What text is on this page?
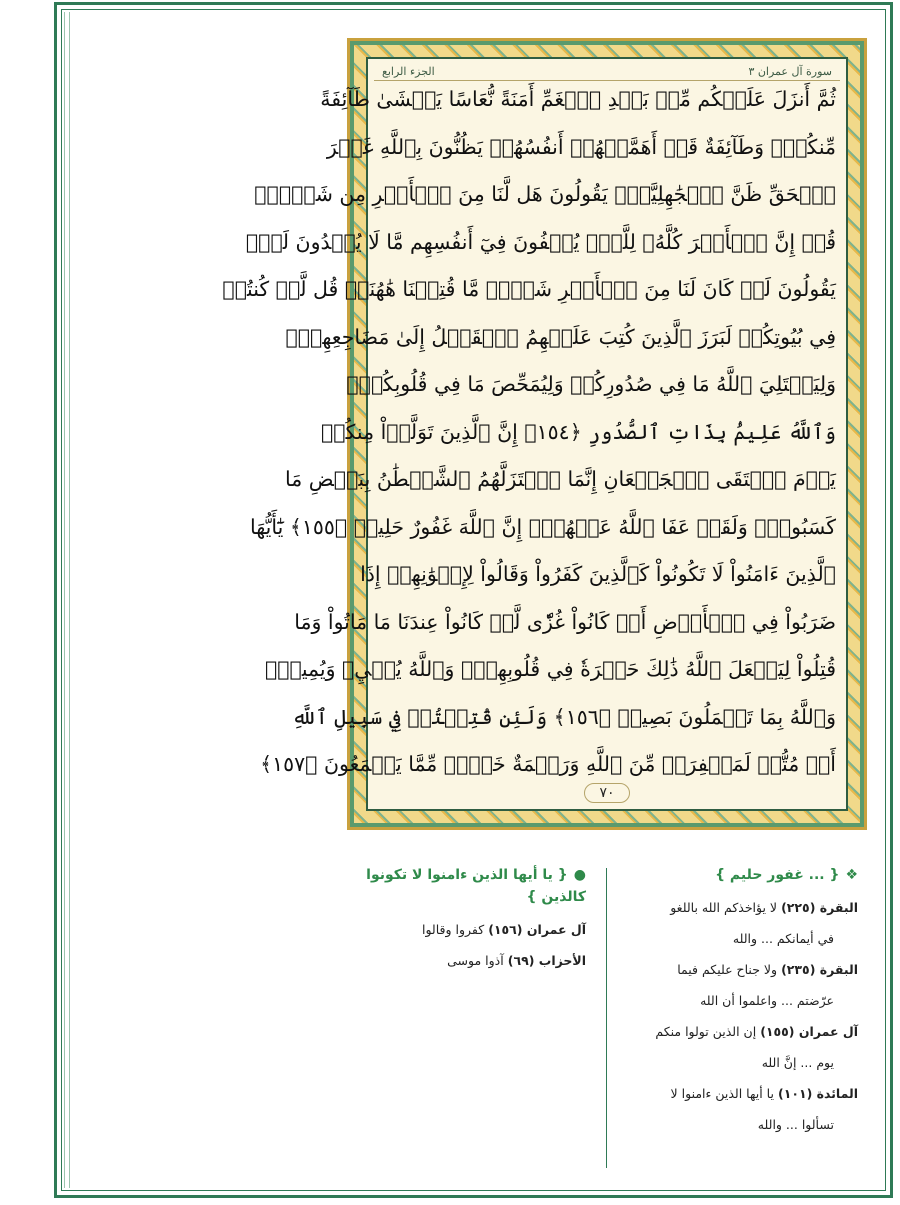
الجزء الرابع	سورة آل عمران ٣
ثُمَّ أَنزَلَ عَلَيۡكُم مِّنۢ بَعۡدِ ٱلۡغَمِّ أَمَنَةً نُّعَاسًا يَغۡشَىٰ طَآئِفَةً
مِّنكُمۡۖ وَطَآئِفَةٌ قَدۡ أَهَمَّتۡهُمۡ أَنفُسُهُمۡ يَظُنُّونَ بِٱللَّهِ غَيۡرَ
ٱلۡحَقِّ ظَنَّ ٱلۡجَٰهِلِيَّةِۖ يَقُولُونَ هَل لَّنَا مِنَ ٱلۡأَمۡرِ مِن شَيۡءٍۗ
قُلۡ إِنَّ ٱلۡأَمۡرَ كُلَّهُۥ لِلَّهِۗ يُخۡفُونَ فِيٓ أَنفُسِهِم مَّا لَا يُبۡدُونَ لَكَۖ
يَقُولُونَ لَوۡ كَانَ لَنَا مِنَ ٱلۡأَمۡرِ شَيۡءٞ مَّا قُتِلۡنَا هَٰهُنَاۗ قُل لَّوۡ كُنتُمۡ
فِي بُيُوتِكُمۡ لَبَرَزَ ٱلَّذِينَ كُتِبَ عَلَيۡهِمُ ٱلۡقَتۡلُ إِلَىٰ مَضَاجِعِهِمۡۖ
وَلِيَبۡتَلِيَ ٱللَّهُ مَا فِي صُدُورِكُمۡ وَلِيُمَحِّصَ مَا فِي قُلُوبِكُمۡۚ
وَٱللَّهُ عَلِيمُۢ بِذَاتِ ٱلصُّدُورِ ﴿١٥٤﴾ إِنَّ ٱلَّذِينَ تَوَلَّوۡاْ مِنكُمۡ
يَوۡمَ ٱلۡتَقَى ٱلۡجَمۡعَانِ إِنَّمَا ٱسۡتَزَلَّهُمُ ٱلشَّيۡطَٰنُ بِبَعۡضِ مَا
كَسَبُواْۖ وَلَقَدۡ عَفَا ٱللَّهُ عَنۡهُمۡۗ إِنَّ ٱللَّهَ غَفُورٌ حَلِيمٞ ﴿١٥٥﴾ يَٰٓأَيُّهَا
ٱلَّذِينَ ءَامَنُواْ لَا تَكُونُواْ كَٱلَّذِينَ كَفَرُواْ وَقَالُواْ لِإِخۡوَٰنِهِمۡ إِذَا
ضَرَبُواْ فِي ٱلۡأَرۡضِ أَوۡ كَانُواْ غُزّٗى لَّوۡ كَانُواْ عِندَنَا مَا مَاتُواْ وَمَا
قُتِلُواْ لِيَجۡعَلَ ٱللَّهُ ذَٰلِكَ حَسۡرَةٗ فِي قُلُوبِهِمۡۗ وَٱللَّهُ يُحۡيِۦ وَيُمِيتُۗ
وَٱللَّهُ بِمَا تَعۡمَلُونَ بَصِيرٞ ﴿١٥٦﴾ وَلَئِن قُتِلۡتُمۡ فِي سَبِيلِ ٱللَّهِ
أَوۡ مُتُّمۡ لَمَغۡفِرَةٞ مِّنَ ٱللَّهِ وَرَحۡمَةٌ خَيۡرٞ مِّمَّا يَجۡمَعُونَ ﴿١٥٧﴾
٧٠
❖{ ... غفور حليم }
البقرة (٢٢٥)لا يؤاخذكم الله باللغو
في أيمانكم ... والله
البقرة (٢٣٥)ولا جناح عليكم فيما
عرّضتم ... واعلموا أن الله
آل عمران (١٥٥)إن الذين تولوا منكم
يوم ... إنَّ الله
المائدة (١٠١)يا أيها الذين ءامنوا لا
تسألوا ... والله
●{ يا أيها الذين ءامنوا لا تكونوا كالذين }
آل عمران (١٥٦)كفروا وقالوا
الأحزاب (٦٩)آذوا موسى
